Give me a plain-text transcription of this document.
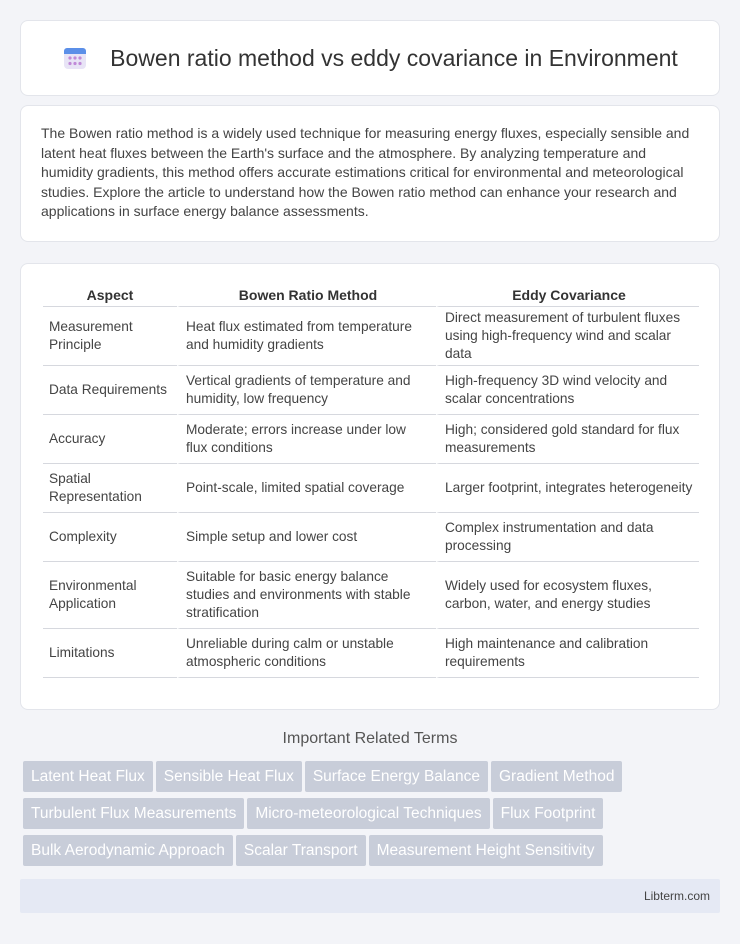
Bowen ratio method vs eddy covariance in Environment

The Bowen ratio method is a widely used technique for measuring energy fluxes, especially sensible and latent heat fluxes between the Earth's surface and the atmosphere. By analyzing temperature and humidity gradients, this method offers accurate estimations critical for environmental and meteorological studies. Explore the article to understand how the Bowen ratio method can enhance your research and applications in surface energy balance assessments.

Aspect	Bowen Ratio Method	Eddy Covariance
Measurement Principle	Heat flux estimated from temperature and humidity gradients	Direct measurement of turbulent fluxes using high-frequency wind and scalar data
Data Requirements	Vertical gradients of temperature and humidity, low frequency	High-frequency 3D wind velocity and scalar concentrations
Accuracy	Moderate; errors increase under low flux conditions	High; considered gold standard for flux measurements
Spatial Representation	Point-scale, limited spatial coverage	Larger footprint, integrates heterogeneity
Complexity	Simple setup and lower cost	Complex instrumentation and data processing
Environmental Application	Suitable for basic energy balance studies and environments with stable stratification	Widely used for ecosystem fluxes, carbon, water, and energy studies
Limitations	Unreliable during calm or unstable atmospheric conditions	High maintenance and calibration requirements
Important Related Terms
Latent Heat Flux	Sensible Heat Flux	Surface Energy Balance	Gradient Method
Turbulent Flux Measurements	Micro-meteorological Techniques	Flux Footprint
Bulk Aerodynamic Approach	Scalar Transport	Measurement Height Sensitivity
Libterm.com
